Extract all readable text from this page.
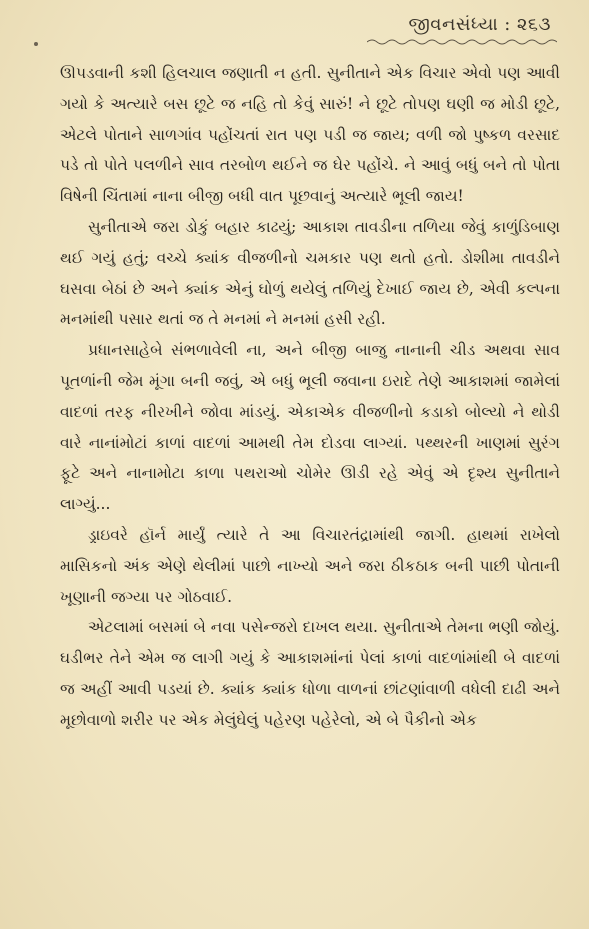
જીવનસંધ્યા : ૨૬૩

ઊપડવાની કશી હિલચાલ જણાતી ન હતી. સુનીતાને એક વિચાર એવો પણ આવી ગયો કે અત્યારે બસ છૂટે જ નહિ તો કેવું સારું! ને છૂટે તોપણ ઘણી જ મોડી છૂટે, એટલે પોતાને સાળગાંવ પહોંચતાં રાત પણ પડી જ જાય; વળી જો પુષ્કળ વરસાદ પડે તો પોતે પલળીને સાવ તરબોળ થઈને જ ઘેર પહોંચે. ને આવું બધું બને તો પોતા વિષેની ચિંતામાં નાના બીજી બધી વાત પૂછવાનું અત્યારે ભૂલી જાય!

સુનીતાએ જરા ડોકું બહાર કાઢયું; આકાશ તાવડીના તળિયા જેવું કાળુંડિબાણ થઈ ગયું હતું; વચ્ચે ક્યાંક વીજળીનો ચમકાર પણ થતો હતો. ડોશીમા તાવડીને ઘસવા બેઠાં છે અને ક્યાંક એનું ઘોળું થયેલું તળિયું દેખાઈ જાય છે, એવી કલ્પના મનમાંથી પસાર થતાં જ તે મનમાં ને મનમાં હસી રહી.

પ્રધાનસાહેબે સંભળાવેલી ના, અને બીજી બાજુ નાનાની ચીડ અથવા સાવ પૂતળાંની જેમ મૂંગા બની જવું, એ બધું ભૂલી જવાના ઇરાદે તેણે આકાશમાં જામેલાં વાદળાં તરફ નીરખીને જોવા માંડયું. એકાએક વીજળીનો કડાકો બોલ્યો ને થોડી વારે નાનાંમોટાં કાળાં વાદળાં આમથી તેમ દોડવા લાગ્યાં. પથ્થરની ખાણમાં સુરંગ ફૂટે અને નાનામોટા કાળા પથરાઓ ચોમેર ઊડી રહે એવું એ દૃશ્ય સુનીતાને લાગ્યું...

ડ્રાઇવરે હૉર્ન માર્યું ત્યારે તે આ વિચારતંદ્રામાંથી જાગી. હાથમાં રાખેલો માસિકનો અંક એણે થેલીમાં પાછો નાખ્યો અને જરા ઠીકઠાક બની પાછી પોતાની ખૂણાની જગ્યા પર ગોઠવાઈ.

એટલામાં બસમાં બે નવા પસેન્જરો દાખલ થયા. સુનીતાએ તેમના ભણી જોયું. ઘડીભર તેને એમ જ લાગી ગયું કે આકાશમાંનાં પેલાં કાળાં વાદળાંમાંથી બે વાદળાં જ અહીં આવી પડયાં છે. ક્યાંક ક્યાંક ધોળા વાળનાં છાંટણાંવાળી વધેલી દાઢી અને મૂછોવાળો શરીર પર એક મેલુંઘેલું પહેરણ પહેરેલો, એ બે પૈકીનો એક
